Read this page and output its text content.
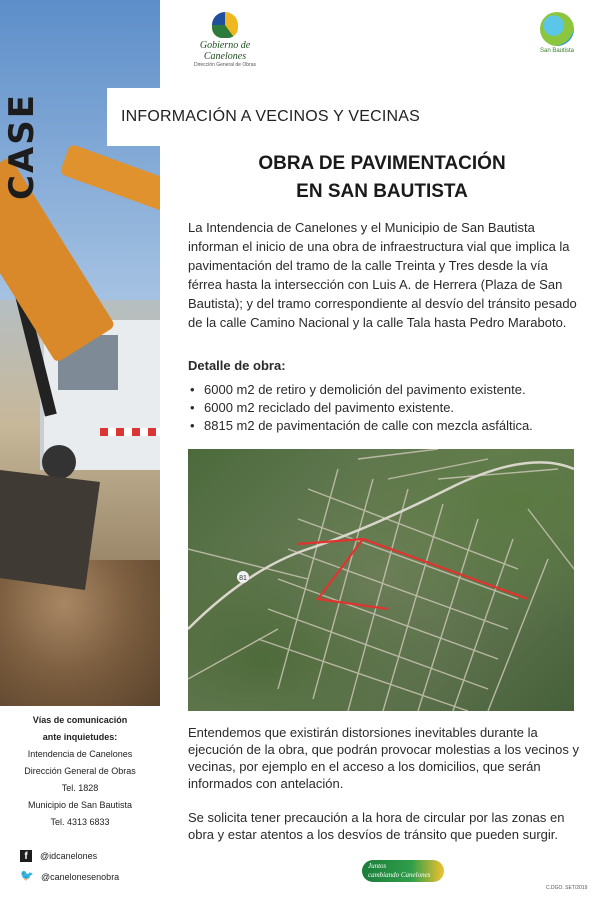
CASE
Gobierno de Canelones
Dirección General de Obras
San Bautista
INFORMACIÓN A VECINOS Y VECINAS
OBRA DE PAVIMENTACIÓN
EN SAN BAUTISTA

La Intendencia de Canelones y el Municipio de San Bautista informan el inicio de una obra de infraestructura vial que implica la pavimentación del tramo de la calle Treinta y Tres desde la vía férrea hasta la intersección con Luis A. de Herrera (Plaza de San Bautista); y del tramo correspondiente al desvío del tránsito pesado de la calle Camino Nacional y la calle Tala hasta Pedro Maraboto.

Detalle de obra:
• 6000 m2 de retiro y demolición del pavimento existente.
• 6000 m2 reciclado del pavimento existente.
• 8815 m2 de pavimentación de calle con mezcla asfáltica.
81

Entendemos que existirán distorsiones inevitables durante la ejecución de la obra, que podrán provocar molestias a los vecinos y vecinas, por ejemplo en el acceso a los domicilios, que serán informados con antelación.

Se solicita tener precaución a la hora de circular por las zonas en obra y estar atentos a los desvíos de tránsito que pueden surgir.

Vías de comunicación
ante inquietudes:
Intendencia de Canelones
Dirección General de Obras
Tel. 1828
Municipio de San Bautista
Tel. 4313 6833
f	@idcanelones
🐦 @canelonesenobra
Juntos
cambiando Canelones
C.DGO. SET/2019
